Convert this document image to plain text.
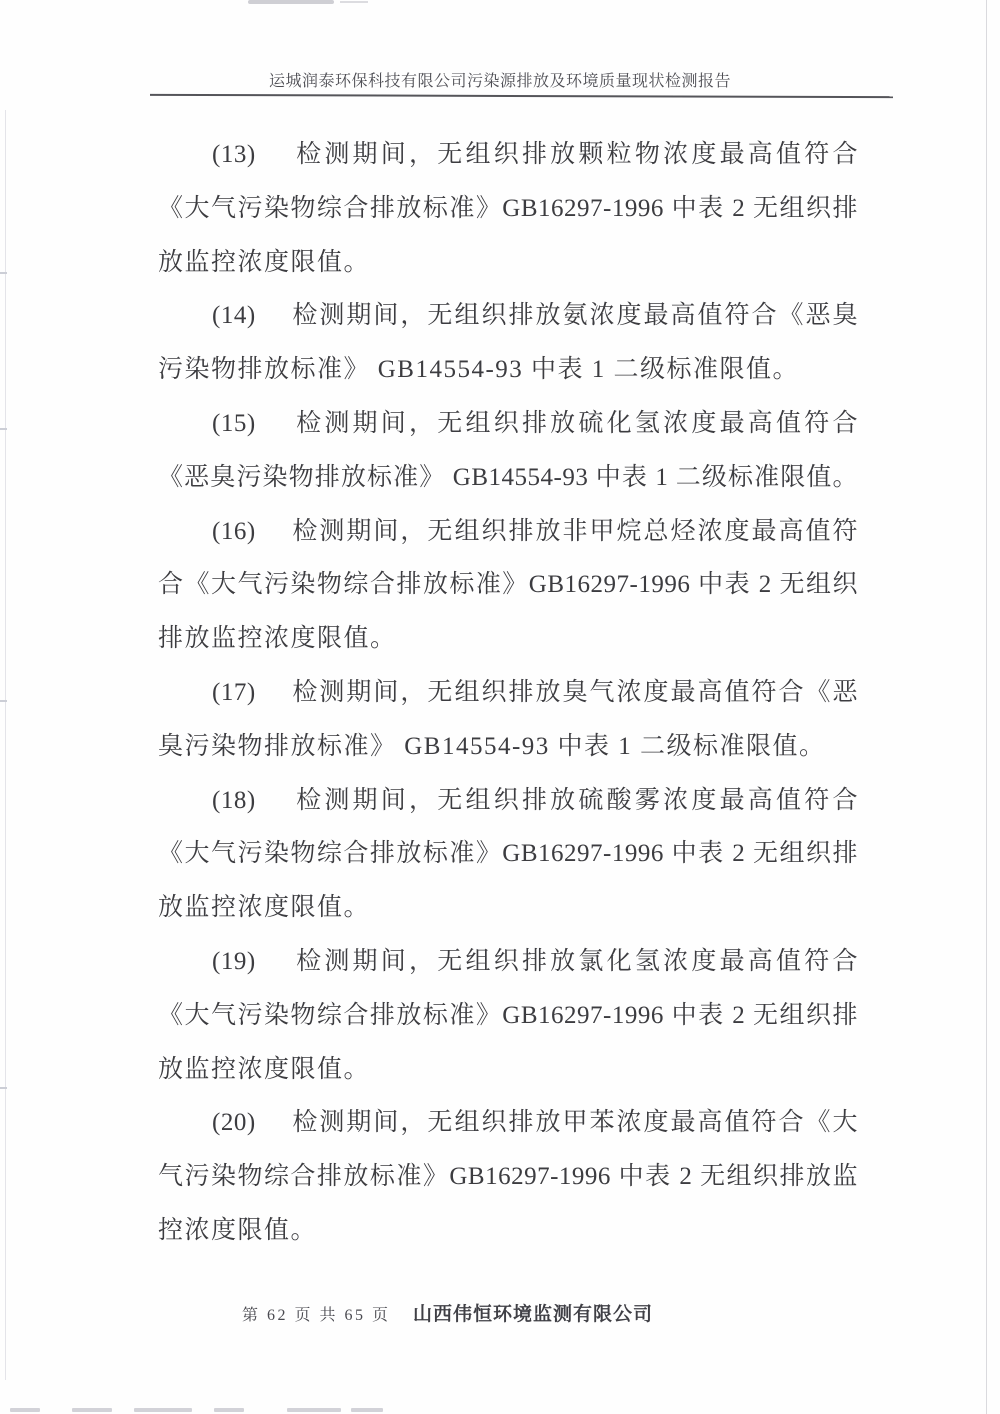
运城润泰环保科技有限公司污染源排放及环境质量现状检测报告
(13)　 检测期间，无组织排放颗粒物浓度最高值符合
《大气污染物综合排放标准》GB16297-1996 中表 2 无组织排
放监控浓度限值。
(14)　 检测期间，无组织排放氨浓度最高值符合《恶臭
污染物排放标准》 GB14554-93 中表 1 二级标准限值。
(15)　 检测期间，无组织排放硫化氢浓度最高值符合
《恶臭污染物排放标准》 GB14554-93 中表 1 二级标准限值。
(16)　 检测期间，无组织排放非甲烷总烃浓度最高值符
合《大气污染物综合排放标准》GB16297-1996 中表 2 无组织
排放监控浓度限值。
(17)　 检测期间，无组织排放臭气浓度最高值符合《恶
臭污染物排放标准》 GB14554-93 中表 1 二级标准限值。
(18)　 检测期间，无组织排放硫酸雾浓度最高值符合
《大气污染物综合排放标准》GB16297-1996 中表 2 无组织排
放监控浓度限值。
(19)　 检测期间，无组织排放氯化氢浓度最高值符合
《大气污染物综合排放标准》GB16297-1996 中表 2 无组织排
放监控浓度限值。
(20)　 检测期间，无组织排放甲苯浓度最高值符合《大
气污染物综合排放标准》GB16297-1996 中表 2 无组织排放监
控浓度限值。
第 62 页 共 65 页 山西伟恒环境监测有限公司
